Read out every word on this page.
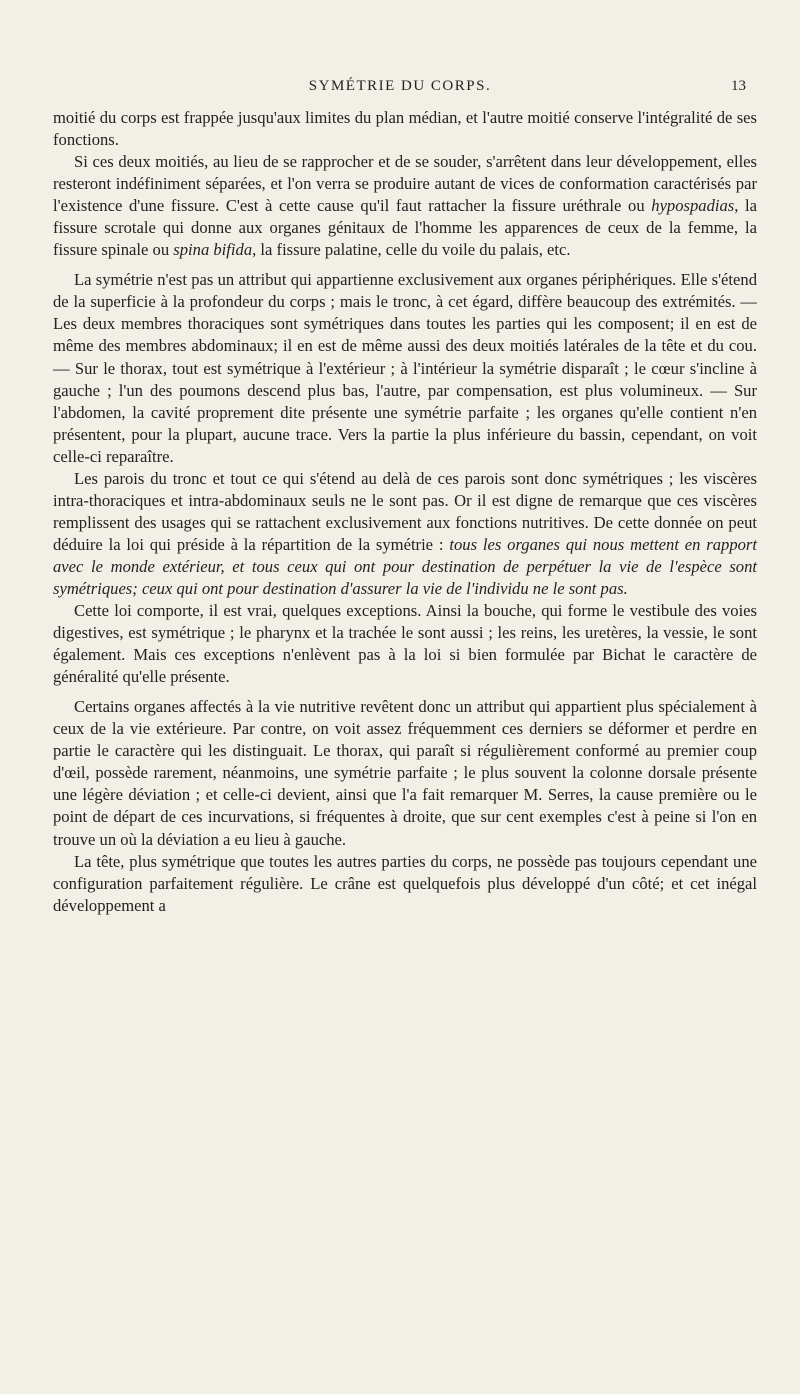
SYMÉTRIE DU CORPS.	13

moitié du corps est frappée jusqu'aux limites du plan médian, et l'autre moitié conserve l'intégralité de ses fonctions.

Si ces deux moitiés, au lieu de se rapprocher et de se souder, s'arrêtent dans leur développement, elles resteront indéfiniment séparées, et l'on verra se produire autant de vices de conformation caractérisés par l'existence d'une fissure. C'est à cette cause qu'il faut rattacher la fissure uréthrale ou hypospadias, la fissure scrotale qui donne aux organes génitaux de l'homme les apparences de ceux de la femme, la fissure spinale ou spina bifida, la fissure palatine, celle du voile du palais, etc.

La symétrie n'est pas un attribut qui appartienne exclusivement aux organes périphériques. Elle s'étend de la superficie à la profondeur du corps ; mais le tronc, à cet égard, diffère beaucoup des extrémités. — Les deux membres thoraciques sont symétriques dans toutes les parties qui les composent; il en est de même des membres abdominaux; il en est de même aussi des deux moitiés latérales de la tête et du cou. — Sur le thorax, tout est symétrique à l'extérieur ; à l'intérieur la symétrie disparaît ; le cœur s'incline à gauche ; l'un des poumons descend plus bas, l'autre, par compensation, est plus volumineux. — Sur l'abdomen, la cavité proprement dite présente une symétrie parfaite ; les organes qu'elle contient n'en présentent, pour la plupart, aucune trace. Vers la partie la plus inférieure du bassin, cependant, on voit celle-ci reparaître.

Les parois du tronc et tout ce qui s'étend au delà de ces parois sont donc symétriques ; les viscères intra-thoraciques et intra-abdominaux seuls ne le sont pas. Or il est digne de remarque que ces viscères remplissent des usages qui se rattachent exclusivement aux fonctions nutritives. De cette donnée on peut déduire la loi qui préside à la répartition de la symétrie : tous les organes qui nous mettent en rapport avec le monde extérieur, et tous ceux qui ont pour destination de perpétuer la vie de l'espèce sont symétriques; ceux qui ont pour destination d'assurer la vie de l'individu ne le sont pas.

Cette loi comporte, il est vrai, quelques exceptions. Ainsi la bouche, qui forme le vestibule des voies digestives, est symétrique ; le pharynx et la trachée le sont aussi ; les reins, les uretères, la vessie, le sont également. Mais ces exceptions n'enlèvent pas à la loi si bien formulée par Bichat le caractère de généralité qu'elle présente.

Certains organes affectés à la vie nutritive revêtent donc un attribut qui appartient plus spécialement à ceux de la vie extérieure. Par contre, on voit assez fréquemment ces derniers se déformer et perdre en partie le caractère qui les distinguait. Le thorax, qui paraît si régulièrement conformé au premier coup d'œil, possède rarement, néanmoins, une symétrie parfaite ; le plus souvent la colonne dorsale présente une légère déviation ; et celle-ci devient, ainsi que l'a fait remarquer M. Serres, la cause première ou le point de départ de ces incurvations, si fréquentes à droite, que sur cent exemples c'est à peine si l'on en trouve un où la déviation a eu lieu à gauche.

La tête, plus symétrique que toutes les autres parties du corps, ne possède pas toujours cependant une configuration parfaitement régulière. Le crâne est quelquefois plus développé d'un côté; et cet inégal développement a
